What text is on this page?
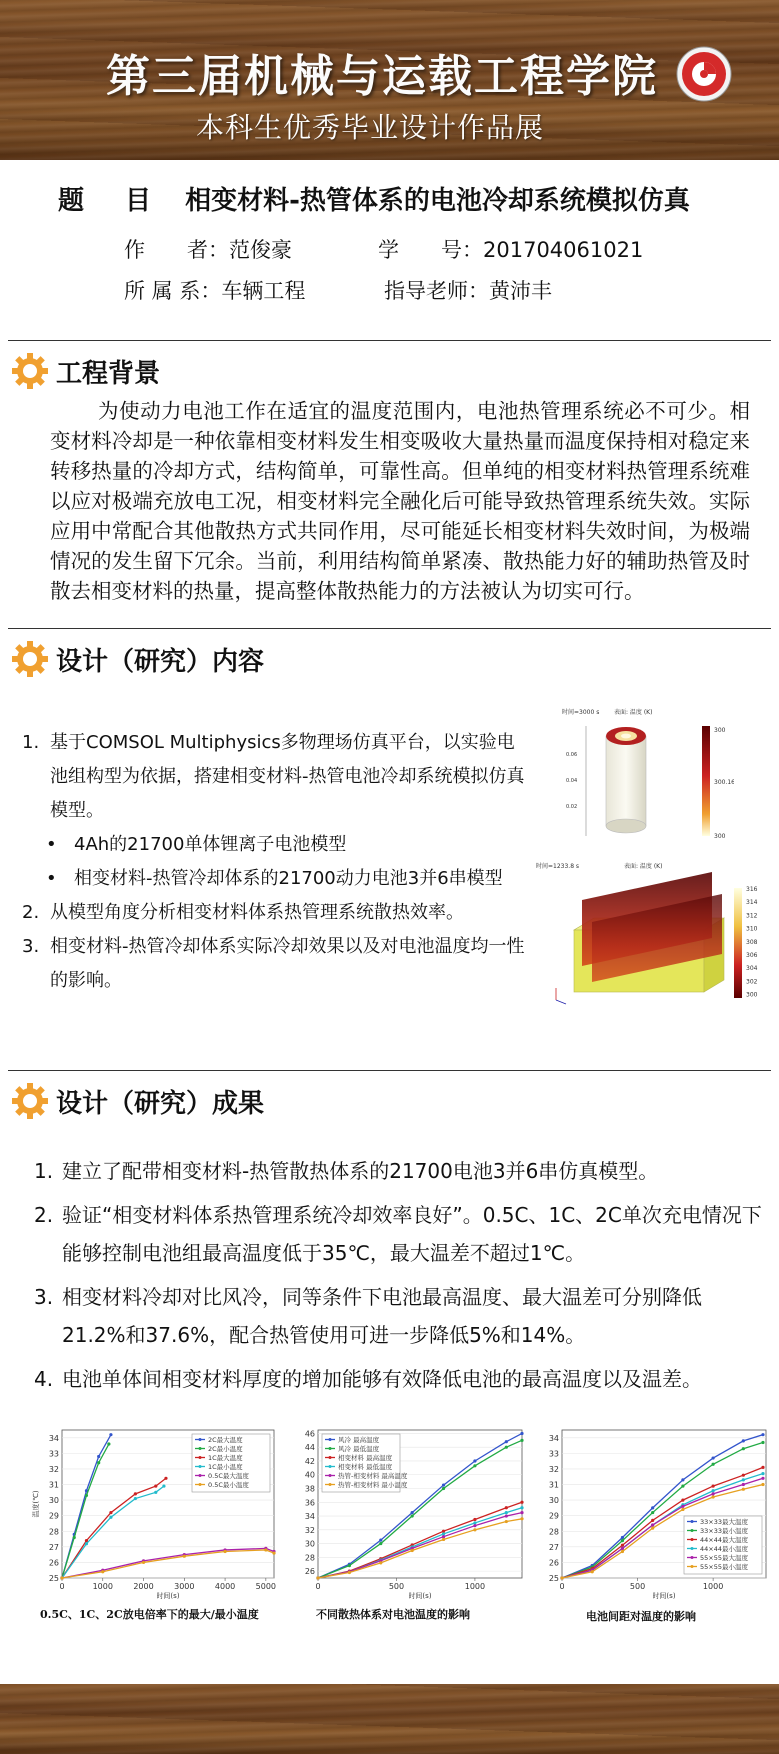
第三届机械与运载工程学院
本科生优秀毕业设计作品展
题 目 相变材料-热管体系的电池冷却系统模拟仿真
作　　者：范俊豪	学　　号：201704061021
所 属 系：车辆工程	指导老师：黄沛丰
工程背景
为使动力电池工作在适宜的温度范围内，电池热管理系统必不可少。相变材料冷却是一种依靠相变材料发生相变吸收大量热量而温度保持相对稳定来转移热量的冷却方式，结构简单，可靠性高。但单纯的相变材料热管理系统难以应对极端充放电工况，相变材料完全融化后可能导致热管理系统失效。实际应用中常配合其他散热方式共同作用，尽可能延长相变材料失效时间，为极端情况的发生留下冗余。当前，利用结构简单紧凑、散热能力好的辅助热管及时散去相变材料的热量，提高整体散热能力的方法被认为切实可行。
设计（研究）内容
1. 基于COMSOL Multiphysics多物理场仿真平台，以实验电池组构型为依据，搭建相变材料-热管电池冷却系统模拟仿真模型。
• 4Ah的21700单体锂离子电池模型
• 相变材料-热管冷却体系的21700动力电池3并6串模型
2. 从模型角度分析相变材料体系热管理系统散热效率。
3. 相变材料-热管冷却体系实际冷却效果以及对电池温度均一性的影响。
时间=3000 s 表面: 温度 (K)
0.06
0.04
0.02
300
300.16
300
时间=1233.8 s	表面: 温度 (K)
316
314
312
310
308
306
304
302
300
设计（研究）成果
1. 建立了配带相变材料-热管散热体系的21700电池3并6串仿真模型。
2. 验证“相变材料体系热管理系统冷却效率良好”。0.5C、1C、2C单次充电情况下能够控制电池组最高温度低于35℃，最大温差不超过1℃。
3. 相变材料冷却对比风冷，同等条件下电池最高温度、最大温差可分别降低21.2%和37.6%，配合热管使用可进一步降低5%和14%。
4. 电池单体间相变材料厚度的增加能够有效降低电池的最高温度以及温差。
25
26
27
28
29
30
31
32
33
34
0	1000	2000	3000	4000	5000
时间(s)
温度(℃)
2C最大温度
2C最小温度
1C最大温度
1C最小温度
0.5C最大温度
0.5C最小温度
26
28
30
32
34
36
38
40
42
44
46
0	500	1000
时间(s)
风冷 最高温度
风冷 最低温度
相变材料 最高温度
相变材料 最低温度
热管-相变材料 最高温度
热管-相变材料 最小温度
25
26
27
28
29
30
31
32
33
34
0	500	1000
时间(s)
33×33最大温度
33×33最小温度
44×44最大温度
44×44最小温度
55×55最大温度
55×55最小温度
0.5C、1C、2C放电倍率下的最大/最小温度	不同散热体系对电池温度的影响	电池间距对温度的影响
